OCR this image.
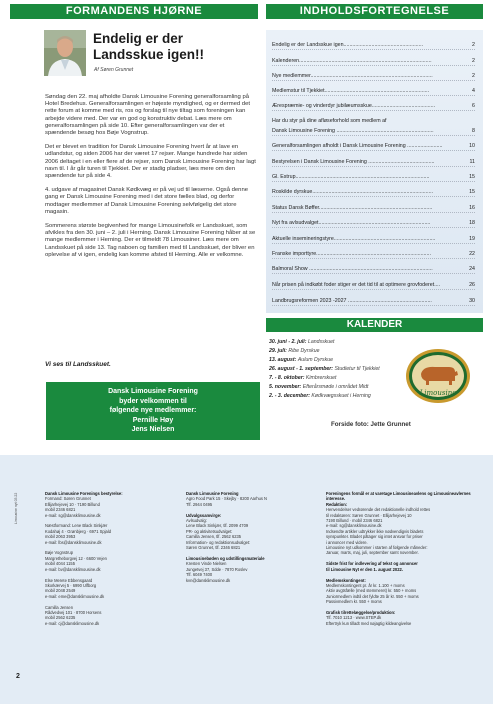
FORMANDENS HJØRNE	INDHOLDSFORTEGNELSE
Endelig er der
Landsskue igen!!
Af Søren Grunnet

Søndag den 22. maj afholdte Dansk Limousine Forening generalforsamling på Hotel Bredehus. Generalforsamlingen er højeste myndighed, og er dermed det rette forum at komme med ris, ros og forslag til nye tiltag som foreningen kan arbejde videre med. Der var en god og konstruktiv debat. Læs mere om generalforsamlingen på side 10. Efter generalforsamlingen var der et spændende besøg hos Bøje Vognstrup.

Det er blevet en tradition for Dansk Limousine Forening hvert år at lave en udlandstur, og siden 2006 har der været 17 rejser. Mange hundrede har siden 2006 deltaget i en eller flere af de rejser, som Dansk Limousine Forening har lagt navn til. I år går turen til Tjekkiet. Der er stadig pladser, læs mere om den spændende tur på side 4.

4. udgave af magasinet Dansk Kødkvæg er på vej ud til læserne. Også denne gang er Dansk Limousine Forening med i det store fælles blad, og derfor modtager medlemmer af Dansk Limousine Forening selvfølgelig det store magasin.

Sommerens største begivenhed for mange Limousinefolk er Landsskuet, som afvikles fra den 30. juni – 2. juli i Herning. Dansk Limousine Forening håber at se mange medlemmer i Herning. Der er tilmeldt 78 Limousiner. Læs mere om Landsskuet på side 13. Tag naboen og familien med til Landsskuet, der bliver en oplevelse af vi igen, endelig kan komme afsted til Herning. Alle er velkomne.

Vi ses til Landsskuet.
Dansk Limousine Forening
byder velkommen til
følgende nye medlemmer:
Pernille Høy
Jens Nielsen
Endelig er der Landsskue igen......................................................	2
Kalenderen..........................................................................................	2
Nye medlemmer...................................................................................	2
Medlemstur til Tjekkiet.......................................................................	4
Ærespræmie- og vinderdyr jubilæumsskue...........................................	6
Har du styr på dine afløseforhold som medlem af
Dansk Limousine Forening ..................................................................	8
Generalforsamlingen afholdt i Dansk Limousine Forening ........................	10
Bestyrelsen i Dansk Limousine Forening .............................................	11
Gl. Estrup...........................................................................................	15
Roskilde dyrskue..................................................................................	15
Status Dansk Bøffer.............................................................................	16
Nyt fra avlsudvalget............................................................................	18
Aktuelle inseminering​styre.....................................................................	19
Franske importtyre..............................................................................	22
Balmoral Show ....................................................................................	24
Når prisen på indkøbt foder stiger er det tid til at optimere grovfoderet....	26
Landbrugsreformen 2023 -2027 .........................................................	30
KALENDER
30. juni - 2. juli: Landsskuet
29. juli: Ribe Dyrskue
13. august: Aulum Dyrskue
26. august - 1. september: Studietur til Tjekkiet
7. - 8. oktober: Kimbrerskuet
5. november: Efterårsmøde i området Midt
2. - 3. december: Kødkvægsskuet i Herning	Limousine
Forside foto: Jette Grunnet
Dansk Limousine Forenings bestyrelse:
Formand: Søren Grunnet
Ellijarhejevej 10 · 7190 Billund
mobil 2346 6821
e-mail: sg@dansklimousine.dk

Næstformand: Lene Black Sinkjær
Kodahøj 4 · Grønbjerg · 6971 Spjald
mobil 2063 3953
e-mail: lbs@dansklimousine.dk

Bøje Vognstrup
Margretheborgvej 12 · 6600 Vejen
mobil 4044 1155
e-mail: bv@dansklimousine.dk

Else Merete Ebbensgaard
Skorkærvej 5 · 6990 Ulfborg
mobil 2048 2549
e-mail: eme@dansklimousine.dk

Camilla Jensen
Rådvedvej 101 · 8700 Horsens
mobil 2562 6235
e-mail: cj@dansklimousine.dk
Dansk Limousine Forening
Agro Food Park 15 · Skejby · 8200 Aarhus N
Tlf. 2944 0495

Udvalgssamvirge:
Avlsudvalg:
Lene Black Sinkjær, tlf. 2099 4709
PR- og aktivitetsudvalget:
Camilla Jensen, tlf. 2562 6235
Information- og redaktionsudvalget:
Søren Grunnet, tlf. 2346 6821

Limousinebøden og udstillingsmateriale
Kresten Vinde Nielsen
Jungetvej 37, Sdde · 7870 Roslev
Tlf. 6049 7400
kvn@dansklimousine.dk
Foreningens formål er at varetage Limousineavlens og Limousineavlernes interesse.
Redaktion:
Henvendelser vedrørende det redaktionelle indhold rettes
til redaktøren: Søren Grunnet · Ellijarhejevej 10
7190 Billund · mobil 2346 6821
e-mail: sg@dansklimousine.dk
Indsendte artikler udtrykker ikke nødvendigvis bladets
synspunkter. Bladet påtager sig intet ansvar for priser
i annoncer med videre.
Limousine nyt udkommer i starten af følgende måneder:
Januar, marts, maj, juli, september samt november.

Sidste frist for indlevering af tekst og annoncer
til Limousine Nyt er den 1. august 2022.

Medlemskontingent:
Medlemskontingent pr. år kr. 1.100 + moms
Aktiv avgtsfælle (med stemmeret) kr. 550 + moms
Juniormedlem indtil det fyldte 25 år kr. 550 + moms
Passivmedlem kr. 550 + moms

Grafisk tilrettelæggelse/produktion:
Tlf. 7010 1213 · www.STEP.dk
Eftertryk kun tilladt med nøjagtig kildeangivelse
Limousine nyt 03.22
2
